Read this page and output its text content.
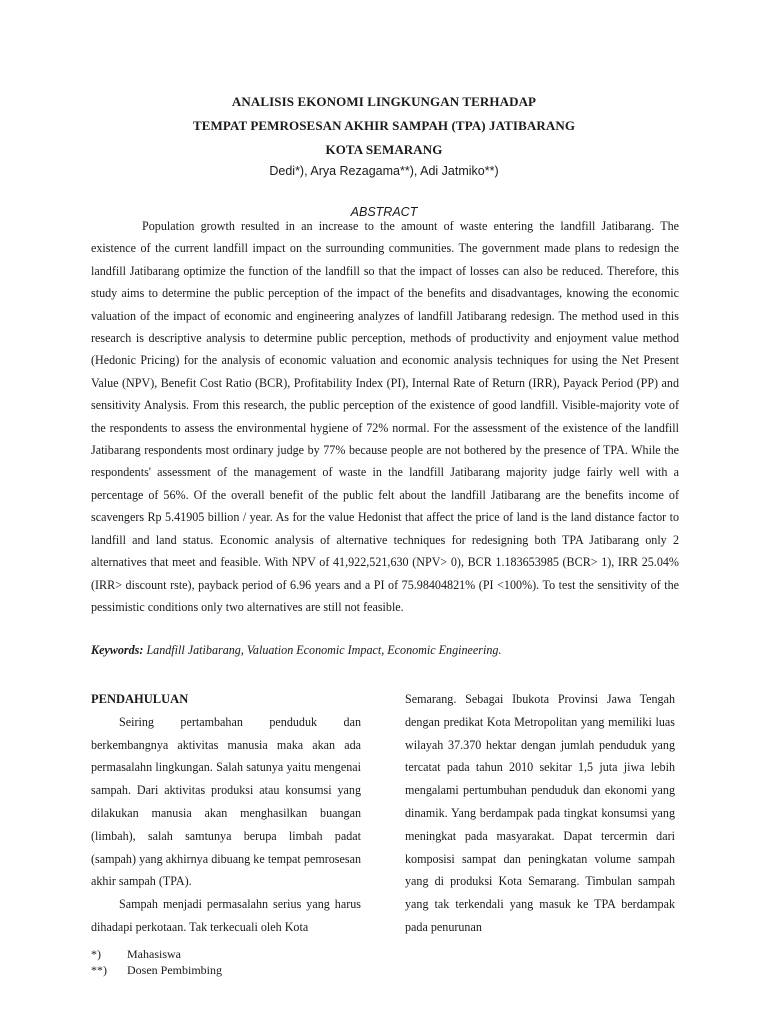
ANALISIS EKONOMI LINGKUNGAN TERHADAP
TEMPAT PEMROSESAN AKHIR SAMPAH (TPA) JATIBARANG
KOTA SEMARANG
Dedi*), Arya Rezagama**), Adi Jatmiko**)
ABSTRACT

Population growth resulted in an increase to the amount of waste entering the landfill Jatibarang. The existence of the current landfill impact on the surrounding communities. The government made plans to redesign the landfill Jatibarang optimize the function of the landfill so that the impact of losses can also be reduced. Therefore, this study aims to determine the public perception of the impact of the benefits and disadvantages, knowing the economic valuation of the impact of economic and engineering analyzes of landfill Jatibarang redesign. The method used in this research is descriptive analysis to determine public perception, methods of productivity and enjoyment value method (Hedonic Pricing) for the analysis of economic valuation and economic analysis techniques for using the Net Present Value (NPV), Benefit Cost Ratio (BCR), Profitability Index (PI), Internal Rate of Return (IRR), Payack Period (PP) and sensitivity Analysis. From this research, the public perception of the existence of good landfill. Visible-majority vote of the respondents to assess the environmental hygiene of 72% normal. For the assessment of the existence of the landfill Jatibarang respondents most ordinary judge by 77% because people are not bothered by the presence of TPA. While the respondents' assessment of the management of waste in the landfill Jatibarang majority judge fairly well with a percentage of 56%. Of the overall benefit of the public felt about the landfill Jatibarang are the benefits income of scavengers Rp 5.41905 billion / year. As for the value Hedonist that affect the price of land is the land distance factor to landfill and land status. Economic analysis of alternative techniques for redesigning both TPA Jatibarang only 2 alternatives that meet and feasible. With NPV of 41,922,521,630 (NPV> 0), BCR 1.183653985 (BCR> 1), IRR 25.04% (IRR> discount rste), payback period of 6.96 years and a PI of 75.98404821% (PI <100%). To test the sensitivity of the pessimistic conditions only two alternatives are still not feasible.

Keywords: Landfill Jatibarang, Valuation Economic Impact, Economic Engineering.

PENDAHULUAN

Seiring pertambahan penduduk dan berkembangnya aktivitas manusia maka akan ada permasalahn lingkungan. Salah satunya yaitu mengenai sampah. Dari aktivitas produksi atau konsumsi yang dilakukan manusia akan menghasilkan buangan (limbah), salah samtunya berupa limbah padat (sampah) yang akhirnya dibuang ke tempat pemrosesan akhir sampah (TPA).

Sampah menjadi permasalahn serius yang harus dihadapi perkotaan. Tak terkecuali oleh Kota

Semarang. Sebagai Ibukota Provinsi Jawa Tengah dengan predikat Kota Metropolitan yang memiliki luas wilayah 37.370 hektar dengan jumlah penduduk yang tercatat pada tahun 2010 sekitar 1,5 juta jiwa lebih mengalami pertumbuhan penduduk dan ekonomi yang dinamik. Yang berdampak pada tingkat konsumsi yang meningkat pada masyarakat. Dapat tercermin dari komposisi sampat dan peningkatan volume sampah yang di produksi Kota Semarang. Timbulan sampah yang tak terkendali yang masuk ke TPA berdampak pada penurunan

*)	Mahasiswa
**)	Dosen Pembimbing
